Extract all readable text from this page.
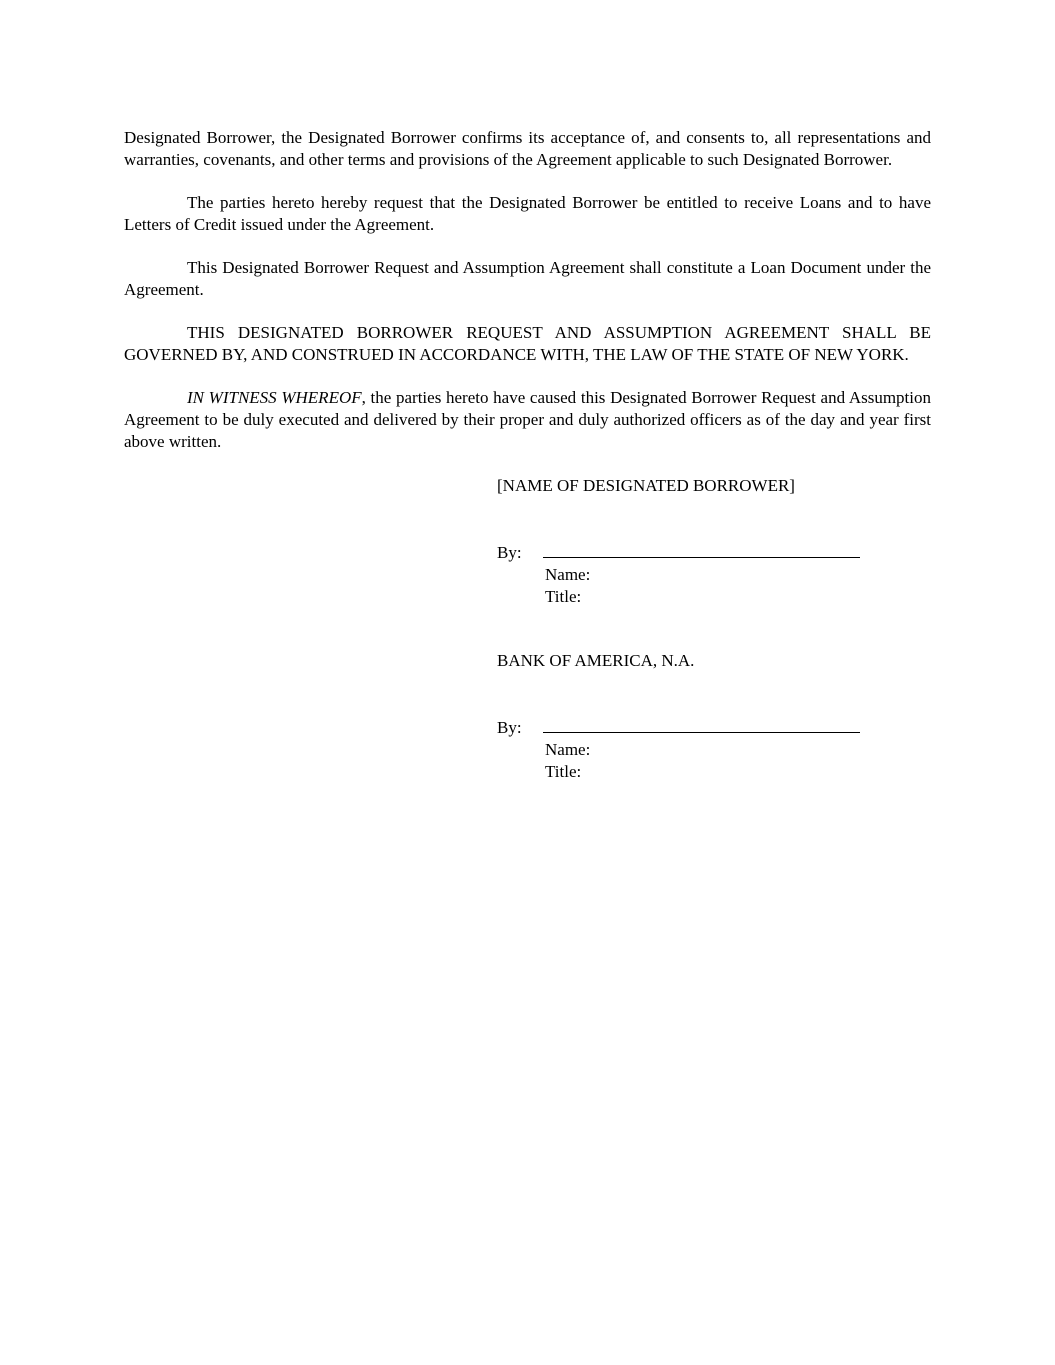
Designated Borrower, the Designated Borrower confirms its acceptance of, and consents to, all representations and warranties, covenants, and other terms and provisions of the Agreement applicable to such Designated Borrower.

The parties hereto hereby request that the Designated Borrower be entitled to receive Loans and to have Letters of Credit issued under the Agreement.

This Designated Borrower Request and Assumption Agreement shall constitute a Loan Document under the Agreement.

THIS DESIGNATED BORROWER REQUEST AND ASSUMPTION AGREEMENT SHALL BE GOVERNED BY, AND CONSTRUED IN ACCORDANCE WITH, THE LAW OF THE STATE OF NEW YORK.

IN WITNESS WHEREOF, the parties hereto have caused this Designated Borrower Request and Assumption Agreement to be duly executed and delivered by their proper and duly authorized officers as of the day and year first above written.

[NAME OF DESIGNATED BORROWER]
By:
Name:
Title:
BANK OF AMERICA, N.A.
By:
Name:
Title:
